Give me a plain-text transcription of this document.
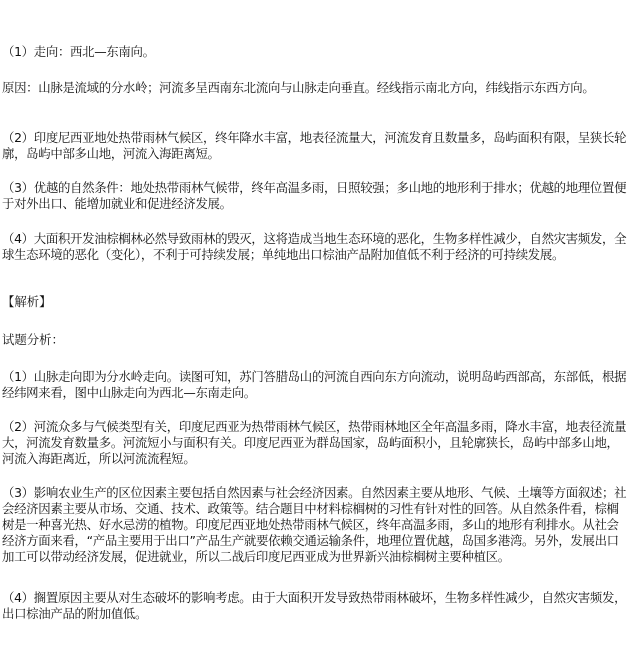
（1）走向：西北—东南向。
原因：山脉是流域的分水岭；河流多呈西南东北流向与山脉走向垂直。经线指示南北方向，纬线指示东西方向。
（2）印度尼西亚地处热带雨林气候区，终年降水丰富，地表径流量大，河流发育且数量多，岛屿面积有限，呈狭长轮廓，岛屿中部多山地，河流入海距离短。
（3）优越的自然条件：地处热带雨林气候带，终年高温多雨，日照较强；多山地的地形利于排水；优越的地理位置便于对外出口、能增加就业和促进经济发展。
（4）大面积开发油棕榈林必然导致雨林的毁灭，这将造成当地生态环境的恶化，生物多样性减少，自然灾害频发，全球生态环境的恶化（变化），不利于可持续发展；单纯地出口棕油产品附加值低不利于经济的可持续发展。
【解析】
试题分析：
（1）山脉走向即为分水岭走向。读图可知，苏门答腊岛山的河流自西向东方向流动，说明岛屿西部高，东部低，根据经纬网来看，图中山脉走向为西北—东南走向。
（2）河流众多与气候类型有关，印度尼西亚为热带雨林气候区，热带雨林地区全年高温多雨，降水丰富，地表径流量大，河流发育数量多。河流短小与面积有关。印度尼西亚为群岛国家，岛屿面积小，且轮廓狭长，岛屿中部多山地，河流入海距离近，所以河流流程短。
（3）影响农业生产的区位因素主要包括自然因素与社会经济因素。自然因素主要从地形、气候、土壤等方面叙述；社会经济因素主要从市场、交通、技术、政策等。结合题目中材料棕榈树的习性有针对性的回答。从自然条件看，棕榈树是一种喜光热、好水忌涝的植物。印度尼西亚地处热带雨林气候区，终年高温多雨，多山的地形有利排水。从社会经济方面来看，“产品主要用于出口”产品生产就要依赖交通运输条件，地理位置优越，岛国多港湾。另外，发展出口加工可以带动经济发展，促进就业，所以二战后印度尼西亚成为世界新兴油棕榈树主要种植区。
（4）搁置原因主要从对生态破坏的影响考虑。由于大面积开发导致热带雨林破坏，生物多样性减少，自然灾害频发，出口棕油产品的附加值低。
